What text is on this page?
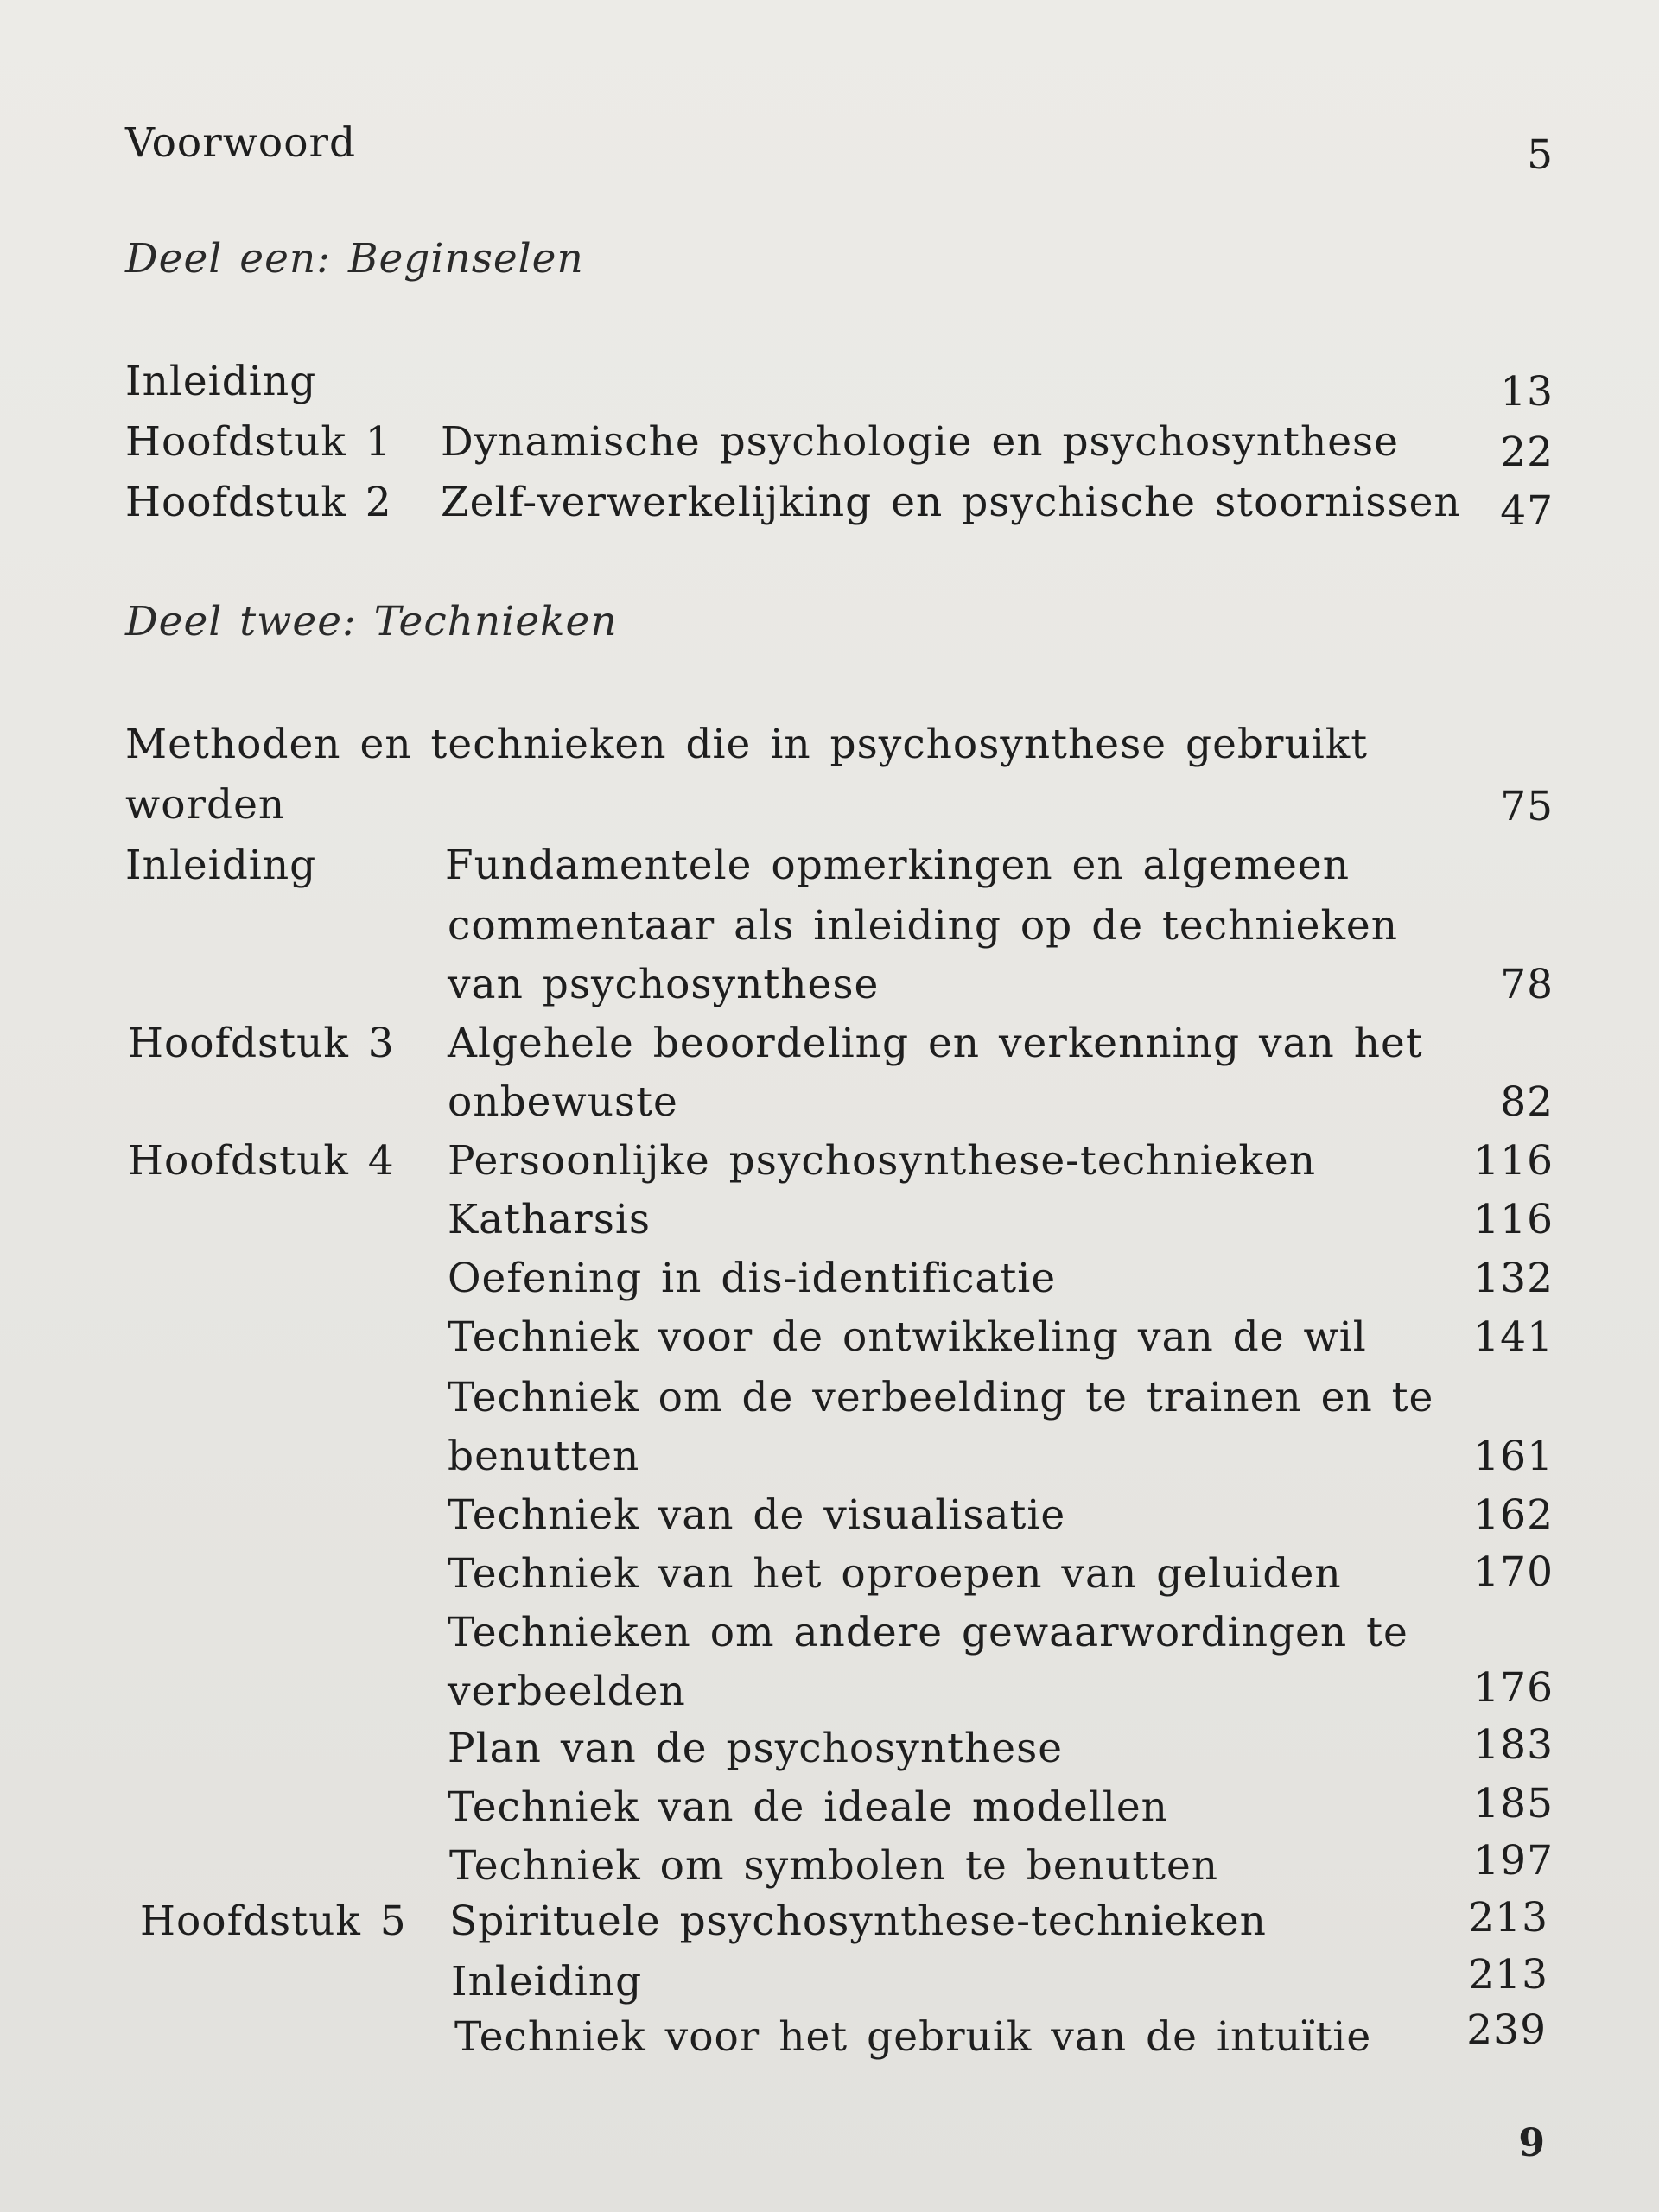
Voorwoord	5
Deel een: Beginselen
Inleiding	13
Hoofdstuk 1 Dynamische psychologie en psychosynthese 22
Hoofdstuk 2 Zelf-verwerkelijking en psychische stoornissen 47
Deel twee: Technieken
Methoden en technieken die in psychosynthese gebruikt
worden	75
Inleiding	Fundamentele opmerkingen en algemeen
commentaar als inleiding op de technieken
van psychosynthese	78
Hoofdstuk 3 Algehele beoordeling en verkenning van het
onbewuste	82
Hoofdstuk 4 Persoonlijke psychosynthese-technieken	116
Katharsis	116
Oefening in dis-identificatie	132
Techniek voor de ontwikkeling van de wil	141
Techniek om de verbeelding te trainen en te
benutten	161
Techniek van de visualisatie	162
Techniek van het oproepen van geluiden	170
Technieken om andere gewaarwordingen te
verbeelden	176
Plan van de psychosynthese	183
Techniek van de ideale modellen	185
Techniek om symbolen te benutten	197
Hoofdstuk 5 Spirituele psychosynthese-technieken	213
Inleiding	213
Techniek voor het gebruik van de intuïtie 239
9
